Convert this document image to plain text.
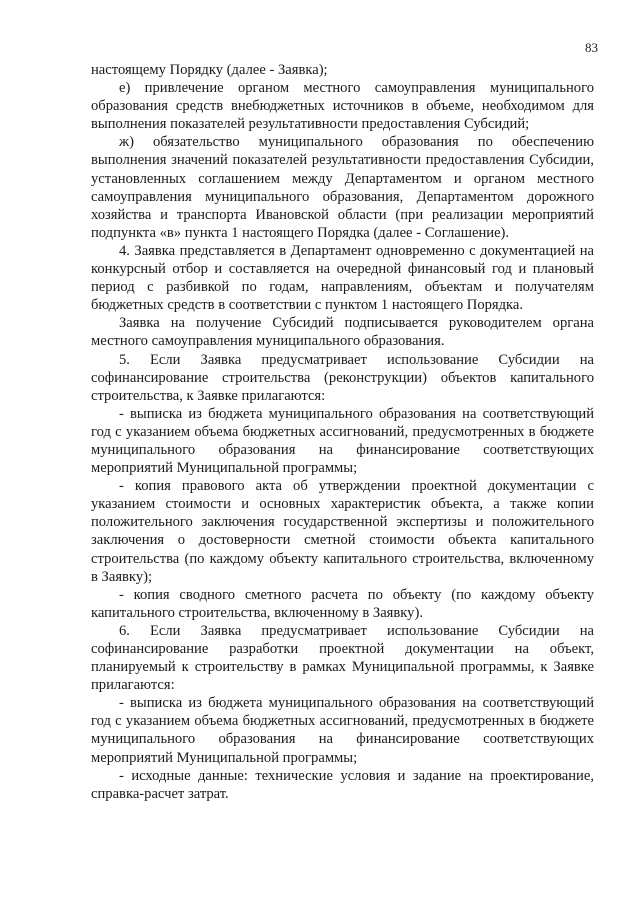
83

настоящему Порядку (далее - Заявка);

е) привлечение органом местного самоуправления муниципального образования средств внебюджетных источников в объеме, необходимом для выполнения показателей результативности предоставления Субсидий;

ж) обязательство муниципального образования по обеспечению выполнения значений показателей результативности предоставления Субсидии, установленных соглашением между Департаментом и органом местного самоуправления муниципального образования, Департаментом дорожного хозяйства и транспорта Ивановской области (при реализации мероприятий подпункта «в» пункта 1 настоящего Порядка (далее - Соглашение).

4. Заявка представляется в Департамент одновременно с документацией на конкурсный отбор и составляется на очередной финансовый год и плановый период с разбивкой по годам, направлениям, объектам и получателям бюджетных средств в соответствии с пунктом 1 настоящего Порядка.

Заявка на получение Субсидий подписывается руководителем органа местного самоуправления муниципального образования.

5. Если Заявка предусматривает использование Субсидии на софинансирование строительства (реконструкции) объектов капитального строительства, к Заявке прилагаются:

- выписка из бюджета муниципального образования на соответствующий год с указанием объема бюджетных ассигнований, предусмотренных в бюджете муниципального образования на финансирование соответствующих мероприятий Муниципальной программы;

- копия правового акта об утверждении проектной документации с указанием стоимости и основных характеристик объекта, а также копии положительного заключения государственной экспертизы и положительного заключения о достоверности сметной стоимости объекта капитального строительства (по каждому объекту капитального строительства, включенному в Заявку);

- копия сводного сметного расчета по объекту (по каждому объекту капитального строительства, включенному в Заявку).

6. Если Заявка предусматривает использование Субсидии на софинансирование разработки проектной документации на объект, планируемый к строительству в рамках Муниципальной программы, к Заявке прилагаются:

- выписка из бюджета муниципального образования на соответствующий год с указанием объема бюджетных ассигнований, предусмотренных в бюджете муниципального образования на финансирование соответствующих мероприятий Муниципальной программы;

- исходные данные: технические условия и задание на проектирование, справка-расчет затрат.
